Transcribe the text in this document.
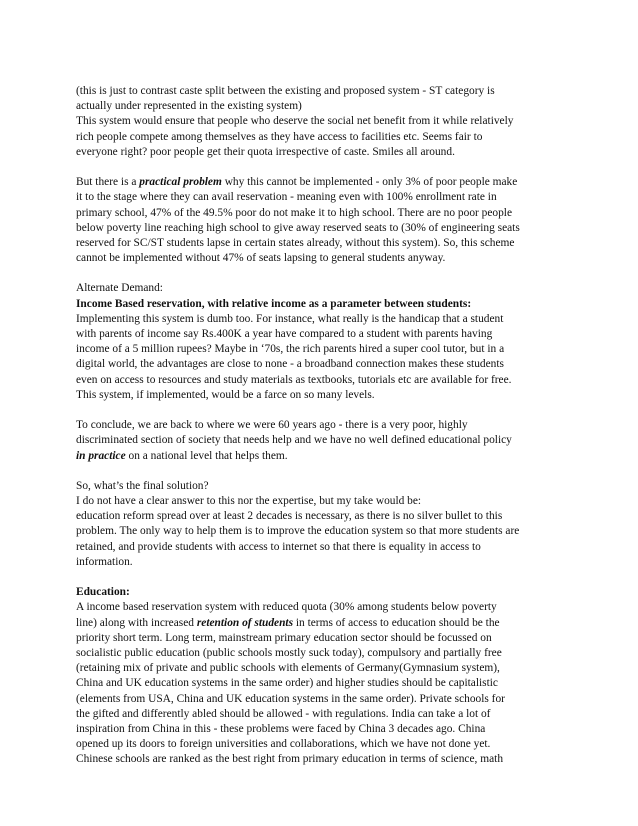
(this is just to contrast caste split between the existing and proposed system - ST category is
actually under represented in the existing system)
This system would ensure that people who deserve the social net benefit from it while relatively
rich people compete among themselves as they have access to facilities etc. Seems fair to
everyone right? poor people get their quota irrespective of caste. Smiles all around.
But there is a practical problem why this cannot be implemented - only 3% of poor people make
it to the stage where they can avail reservation - meaning even with 100% enrollment rate in
primary school, 47% of the 49.5% poor do not make it to high school. There are no poor people
below poverty line reaching high school to give away reserved seats to (30% of engineering seats
reserved for SC/ST students lapse in certain states already, without this system). So, this scheme
cannot be implemented without 47% of seats lapsing to general students anyway.
Alternate Demand:
Income Based reservation, with relative income as a parameter between students:
Implementing this system is dumb too. For instance, what really is the handicap that a student
with parents of income say Rs.400K a year have compared to a student with parents having
income of a 5 million rupees? Maybe in ‘70s, the rich parents hired a super cool tutor, but in a
digital world, the advantages are close to none - a broadband connection makes these students
even on access to resources and study materials as textbooks, tutorials etc are available for free.
This system, if implemented, would be a farce on so many levels.
To conclude, we are back to where we were 60 years ago - there is a very poor, highly
discriminated section of society that needs help and we have no well defined educational policy
in practice on a national level that helps them.
So, what’s the final solution?
I do not have a clear answer to this nor the expertise, but my take would be:
education reform spread over at least 2 decades is necessary, as there is no silver bullet to this
problem. The only way to help them is to improve the education system so that more students are
retained, and provide students with access to internet so that there is equality in access to
information.
Education:
A income based reservation system with reduced quota (30% among students below poverty
line) along with increased retention of students in terms of access to education should be the
priority short term. Long term, mainstream primary education sector should be focussed on
socialistic public education (public schools mostly suck today), compulsory and partially free
(retaining mix of private and public schools with elements of Germany(Gymnasium system),
China and UK education systems in the same order) and higher studies should be capitalistic
(elements from USA, China and UK education systems in the same order). Private schools for
the gifted and differently abled should be allowed - with regulations. India can take a lot of
inspiration from China in this - these problems were faced by China 3 decades ago. China
opened up its doors to foreign universities and collaborations, which we have not done yet.
Chinese schools are ranked as the best right from primary education in terms of science, math
